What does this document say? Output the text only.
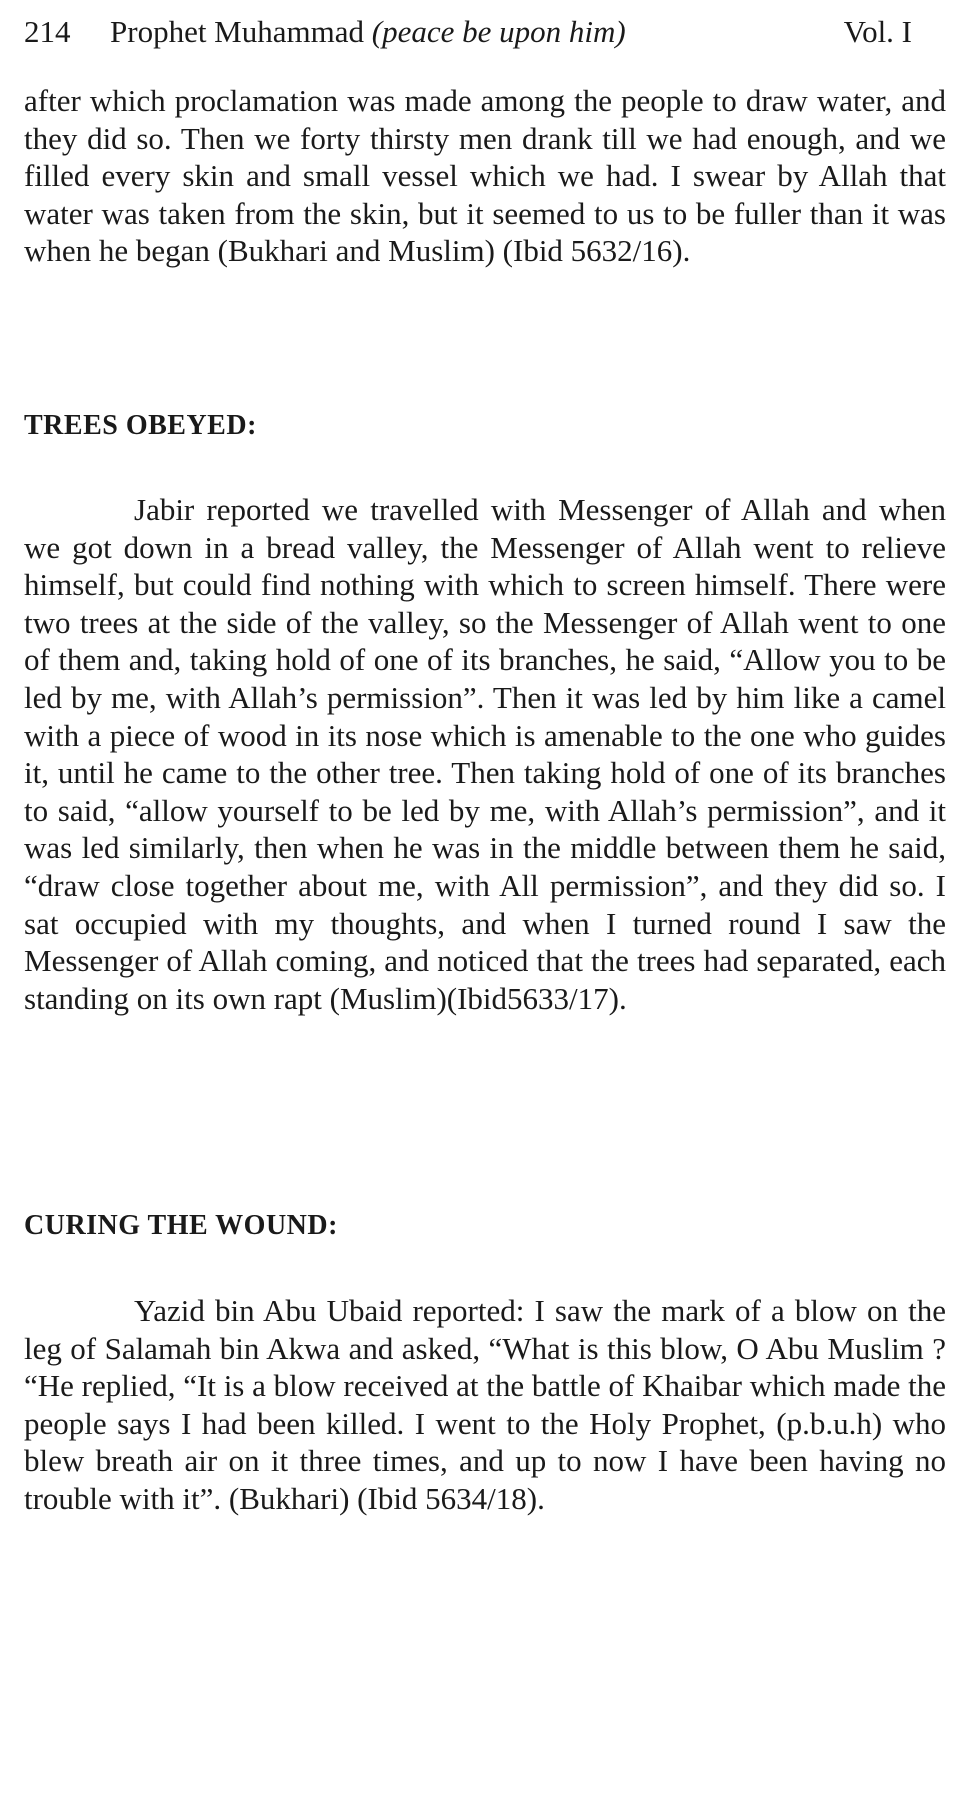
214 Prophet Muhammad (peace be upon him)	Vol. I

after which proclamation was made among the people to draw water, and they did so. Then we forty thirsty men drank till we had enough, and we filled every skin and small vessel which we had. I swear by Allah that water was taken from the skin, but it seemed to us to be fuller than it was when he began (Bukhari and Muslim) (Ibid 5632/16).

TREES OBEYED:

Jabir reported we travelled with Messenger of Allah and when we got down in a bread valley, the Messenger of Allah went to relieve himself, but could find nothing with which to screen himself. There were two trees at the side of the valley, so the Messenger of Allah went to one of them and, taking hold of one of its branches, he said, “Allow you to be led by me, with Allah’s permission”. Then it was led by him like a camel with a piece of wood in its nose which is amenable to the one who guides it, until he came to the other tree. Then taking hold of one of its branches to said, “allow yourself to be led by me, with Allah’s permission”, and it was led similarly, then when he was in the middle between them he said, “draw close together about me, with All permission”, and they did so. I sat occupied with my thoughts, and when I turned round I saw the Messenger of Allah coming, and noticed that the trees had separated, each standing on its own rapt (Muslim)(Ibid5633/17).

CURING THE WOUND:

Yazid bin Abu Ubaid reported: I saw the mark of a blow on the leg of Salamah bin Akwa and asked, “What is this blow, O Abu Muslim ? “He replied, “It is a blow received at the battle of Khaibar which made the people says I had been killed. I went to the Holy Prophet, (p.b.u.h) who blew breath air on it three times, and up to now I have been having no trouble with it”. (Bukhari) (Ibid 5634/18).
